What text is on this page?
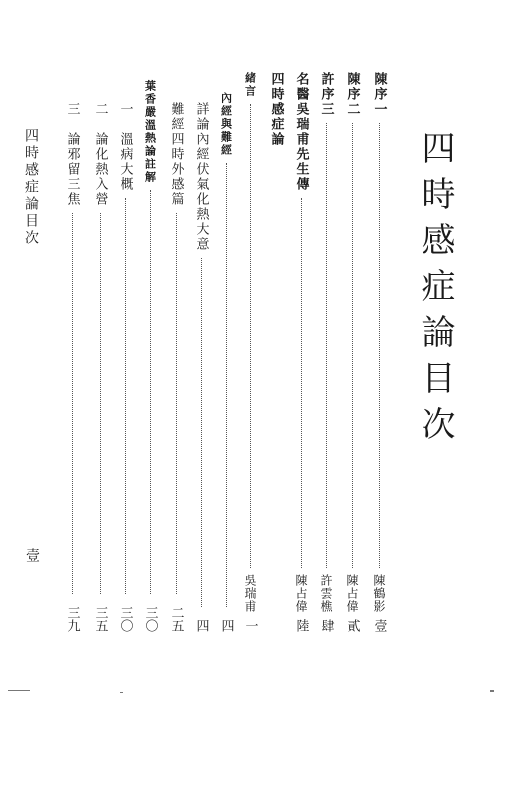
四時感症論目次
陳序一
陳鶴影
壹
陳序二
陳占偉
貳
許序三
許雲樵
肆
名醫吳瑞甫先生傳
陳占偉
陸
四時感症論
緒言
吳瑞甫
一
內經與難經
四
詳論內經伏氣化熱大意
四
難經四時外感篇
二五
葉香嚴溫熱論註解
三〇
一　溫病大概
三〇
二　論化熱入營
三五
三　論邪留三焦
三九
四時感症論目次
壹
